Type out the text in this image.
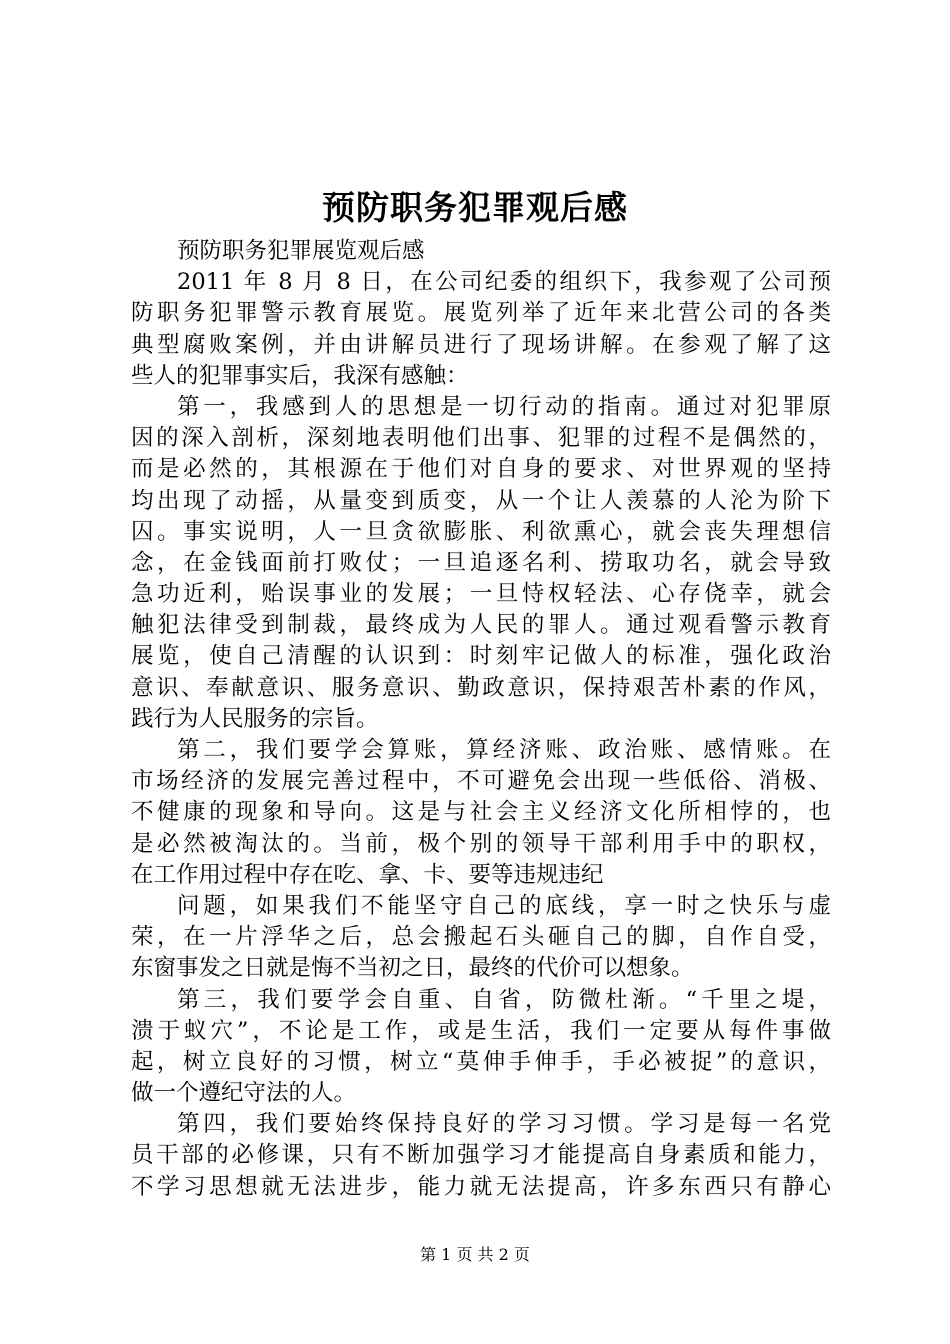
预防职务犯罪观后感
预防职务犯罪展览观后感
2011 年 8 月 8 日，在公司纪委的组织下，我参观了公司预
防职务犯罪警示教育展览。展览列举了近年来北营公司的各类
典型腐败案例，并由讲解员进行了现场讲解。在参观了解了这
些人的犯罪事实后，我深有感触：
第一，我感到人的思想是一切行动的指南。通过对犯罪原
因的深入剖析，深刻地表明他们出事、犯罪的过程不是偶然的，
而是必然的，其根源在于他们对自身的要求、对世界观的坚持
均出现了动摇，从量变到质变，从一个让人羡慕的人沦为阶下
囚。事实说明，人一旦贪欲膨胀、利欲熏心，就会丧失理想信
念，在金钱面前打败仗；一旦追逐名利、捞取功名，就会导致
急功近利，贻误事业的发展；一旦恃权轻法、心存侥幸，就会
触犯法律受到制裁，最终成为人民的罪人。通过观看警示教育
展览，使自己清醒的认识到：时刻牢记做人的标准，强化政治
意识、奉献意识、服务意识、勤政意识，保持艰苦朴素的作风，
践行为人民服务的宗旨。
第二，我们要学会算账，算经济账、政治账、感情账。在
市场经济的发展完善过程中，不可避免会出现一些低俗、消极、
不健康的现象和导向。这是与社会主义经济文化所相悖的，也
是必然被淘汰的。当前，极个别的领导干部利用手中的职权，
在工作用过程中存在吃、拿、卡、要等违规违纪
问题，如果我们不能坚守自己的底线，享一时之快乐与虚
荣，在一片浮华之后，总会搬起石头砸自己的脚，自作自受，
东窗事发之日就是悔不当初之日，最终的代价可以想象。
第三，我们要学会自重、自省，防微杜渐。“千里之堤，
溃于蚁穴”，不论是工作，或是生活，我们一定要从每件事做
起，树立良好的习惯，树立“莫伸手伸手，手必被捉”的意识，
做一个遵纪守法的人。
第四，我们要始终保持良好的学习习惯。学习是每一名党
员干部的必修课，只有不断加强学习才能提高自身素质和能力，
不学习思想就无法进步，能力就无法提高，许多东西只有静心
第 1 页 共 2 页
